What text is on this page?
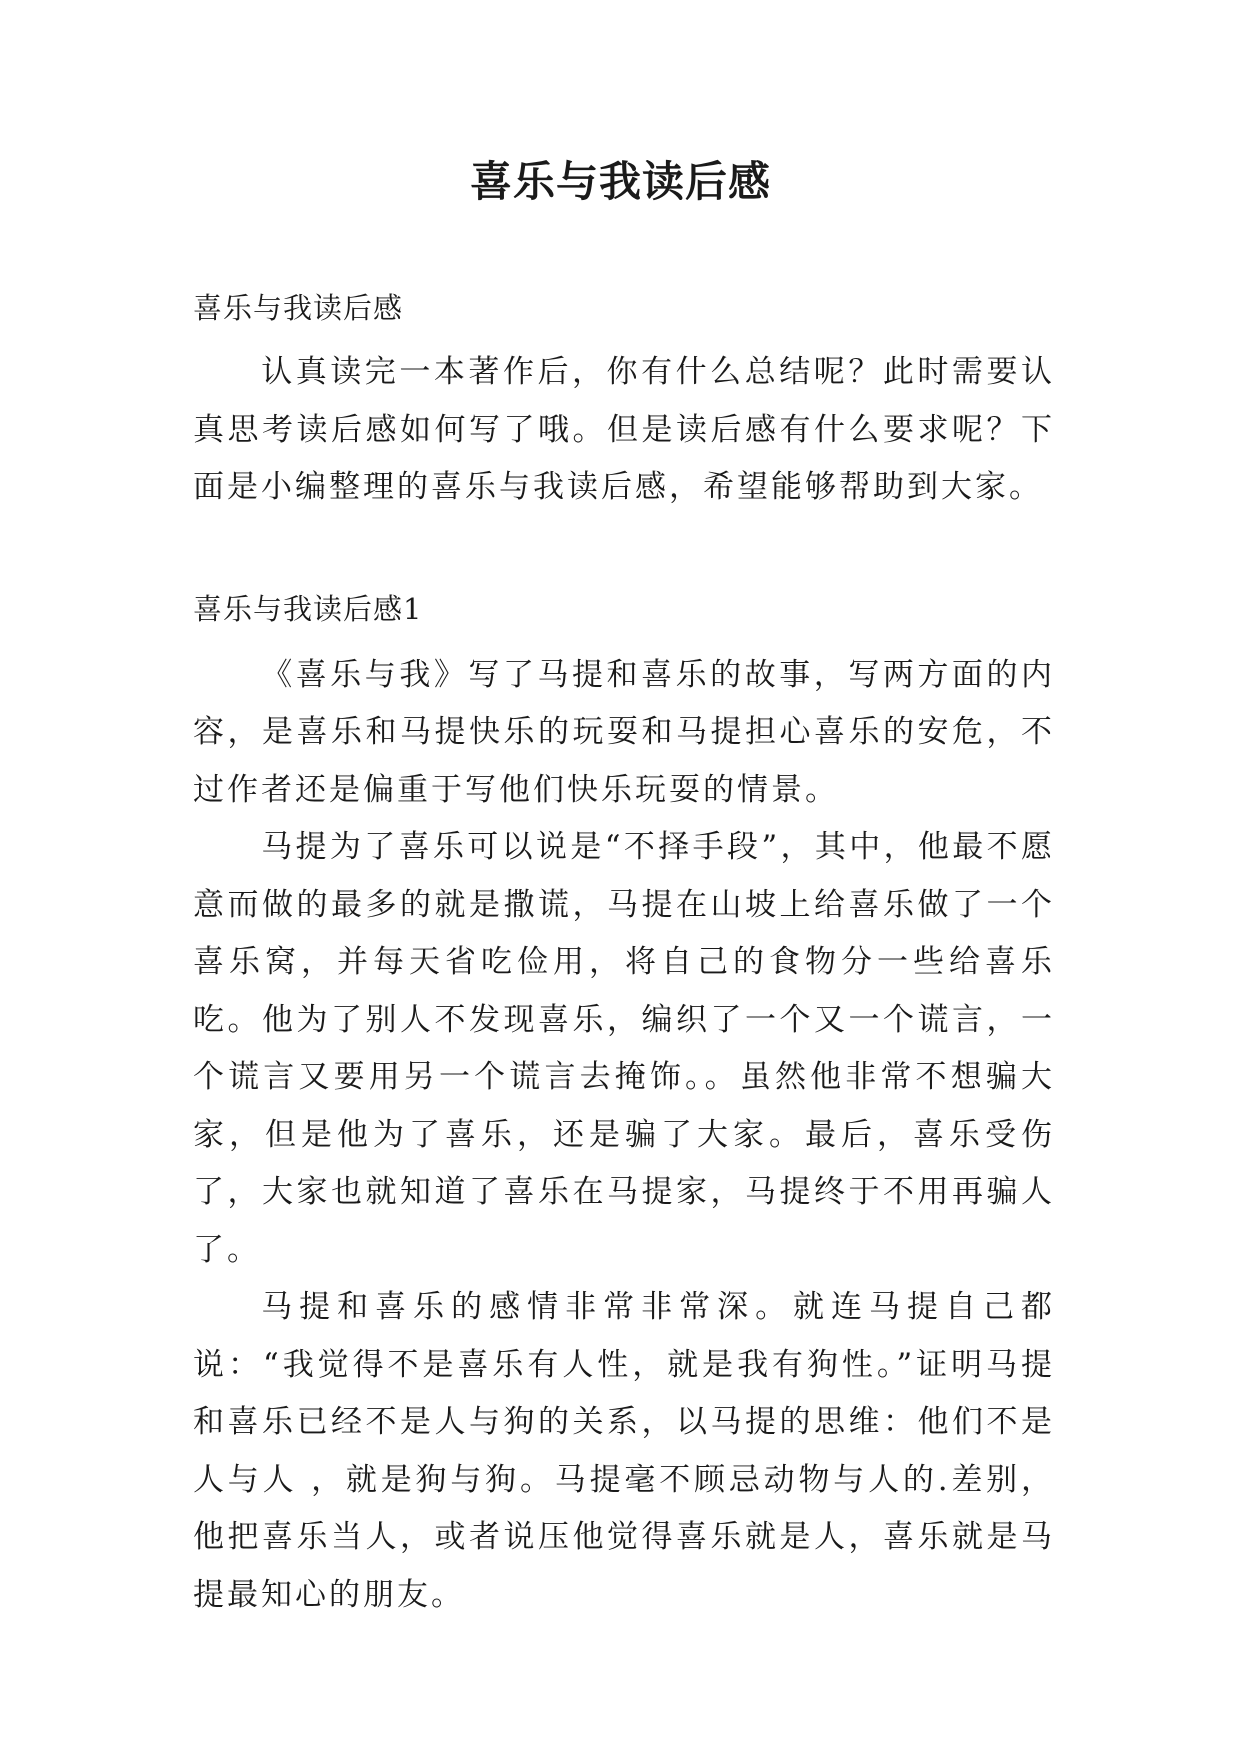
喜乐与我读后感

喜乐与我读后感

认真读完一本著作后，你有什么总结呢？此时需要认真思考读后感如何写了哦。但是读后感有什么要求呢？下面是小编整理的喜乐与我读后感，希望能够帮助到大家。

喜乐与我读后感1

《喜乐与我》写了马提和喜乐的故事，写两方面的内容，是喜乐和马提快乐的玩耍和马提担心喜乐的安危，不过作者还是偏重于写他们快乐玩耍的情景。

马提为了喜乐可以说是“不择手段”，其中，他最不愿意而做的最多的就是撒谎，马提在山坡上给喜乐做了一个喜乐窝，并每天省吃俭用，将自己的食物分一些给喜乐吃。他为了别人不发现喜乐，编织了一个又一个谎言，一个谎言又要用另一个谎言去掩饰。。虽然他非常不想骗大家，但是他为了喜乐，还是骗了大家。最后，喜乐受伤了，大家也就知道了喜乐在马提家，马提终于不用再骗人了。

马提和喜乐的感情非常非常深。就连马提自己都说：“我觉得不是喜乐有人性，就是我有狗性。”证明马提和喜乐已经不是人与狗的关系，以马提的思维：他们不是人与人 ，就是狗与狗。马提毫不顾忌动物与人的.差别，他把喜乐当人，或者说压他觉得喜乐就是人，喜乐就是马提最知心的朋友。
